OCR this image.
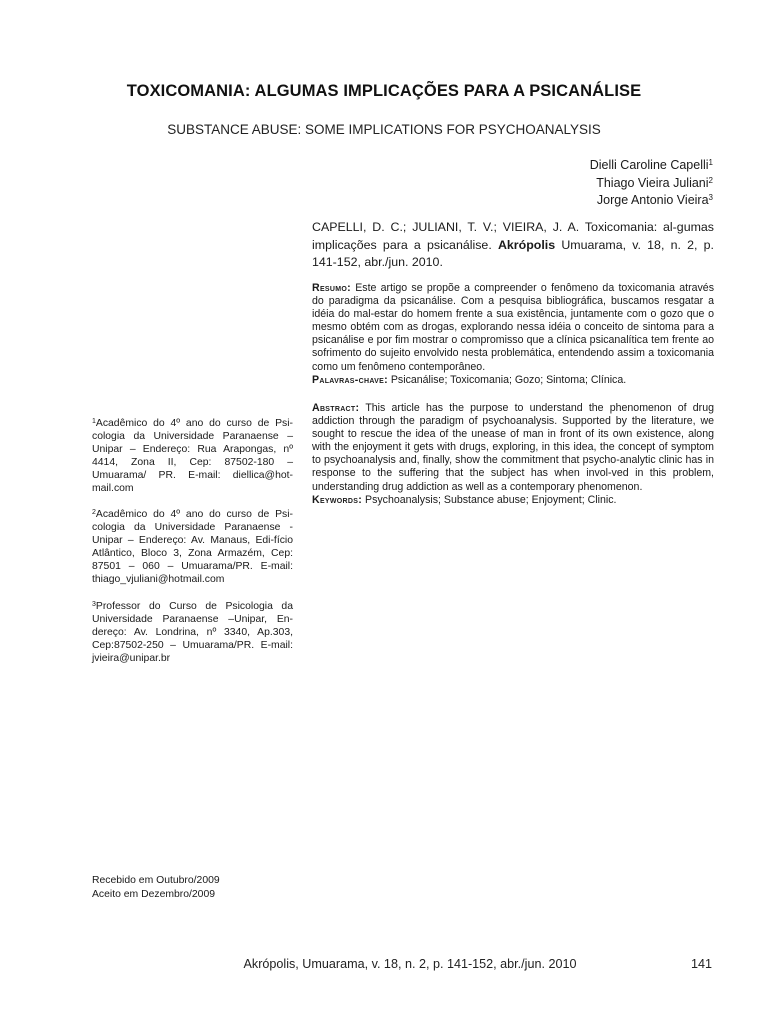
TOXICOMANIA: ALGUMAS IMPLICAÇÕES PARA A PSICANÁLISE
SUBSTANCE ABUSE: SOME IMPLICATIONS FOR PSYCHOANALYSIS
Dielli Caroline Capelli$^1$
Thiago Vieira Juliani$^2$
Jorge Antonio Vieira$^3$
CAPELLI, D. C.; JULIANI, T. V.; VIEIRA, J. A. Toxicomania: al-gumas implicações para a psicanálise. Akrópolis Umuarama, v. 18, n. 2, p. 141-152, abr./jun. 2010.
Resumo: Este artigo se propõe a compreender o fenômeno da toxicomania através do paradigma da psicanálise. Com a pesquisa bibliográfica, buscamos resgatar a idéia do mal-estar do homem frente a sua existência, juntamente com o gozo que o mesmo obtém com as drogas, explorando nessa idéia o conceito de sintoma para a psicanálise e por fim mostrar o compromisso que a clínica psicanalítica tem frente ao sofrimento do sujeito envolvido nesta problemática, entendendo assim a toxicomania como um fenômeno contemporâneo.
Palavras-chave: Psicanálise; Toxicomania; Gozo; Sintoma; Clínica.
Abstract: This article has the purpose to understand the phenomenon of drug addiction through the paradigm of psychoanalysis. Supported by the literature, we sought to rescue the idea of the unease of man in front of its own existence, along with the enjoyment it gets with drugs, exploring, in this idea, the concept of symptom to psychoanalysis and, finally, show the commitment that psycho-analytic clinic has in response to the suffering that the subject has when invol-ved in this problem, understanding drug addiction as well as a contemporary phenomenon.
Keywords: Psychoanalysis; Substance abuse; Enjoyment; Clinic.

$^1$Acadêmico do 4º ano do curso de Psi-cologia da Universidade Paranaense –Unipar – Endereço: Rua Arapongas, nº 4414, Zona II, Cep: 87502-180 – Umuarama/ PR. E-mail: diellica@hot-mail.com

$^2$Acadêmico do 4º ano do curso de Psi-cologia da Universidade Paranaense - Unipar – Endereço: Av. Manaus, Edi-fício Atlântico, Bloco 3, Zona Armazém, Cep: 87501 – 060 – Umuarama/PR. E-mail: thiago_vjuliani@hotmail.com

$^3$Professor do Curso de Psicologia da Universidade Paranaense –Unipar, En-dereço: Av. Londrina, nº 3340, Ap.303, Cep:87502-250 – Umuarama/PR. E-mail: jvieira@unipar.br

Recebido em Outubro/2009
Aceito em Dezembro/2009
Akrópolis, Umuarama, v. 18, n. 2, p. 141-152, abr./jun. 2010	141
